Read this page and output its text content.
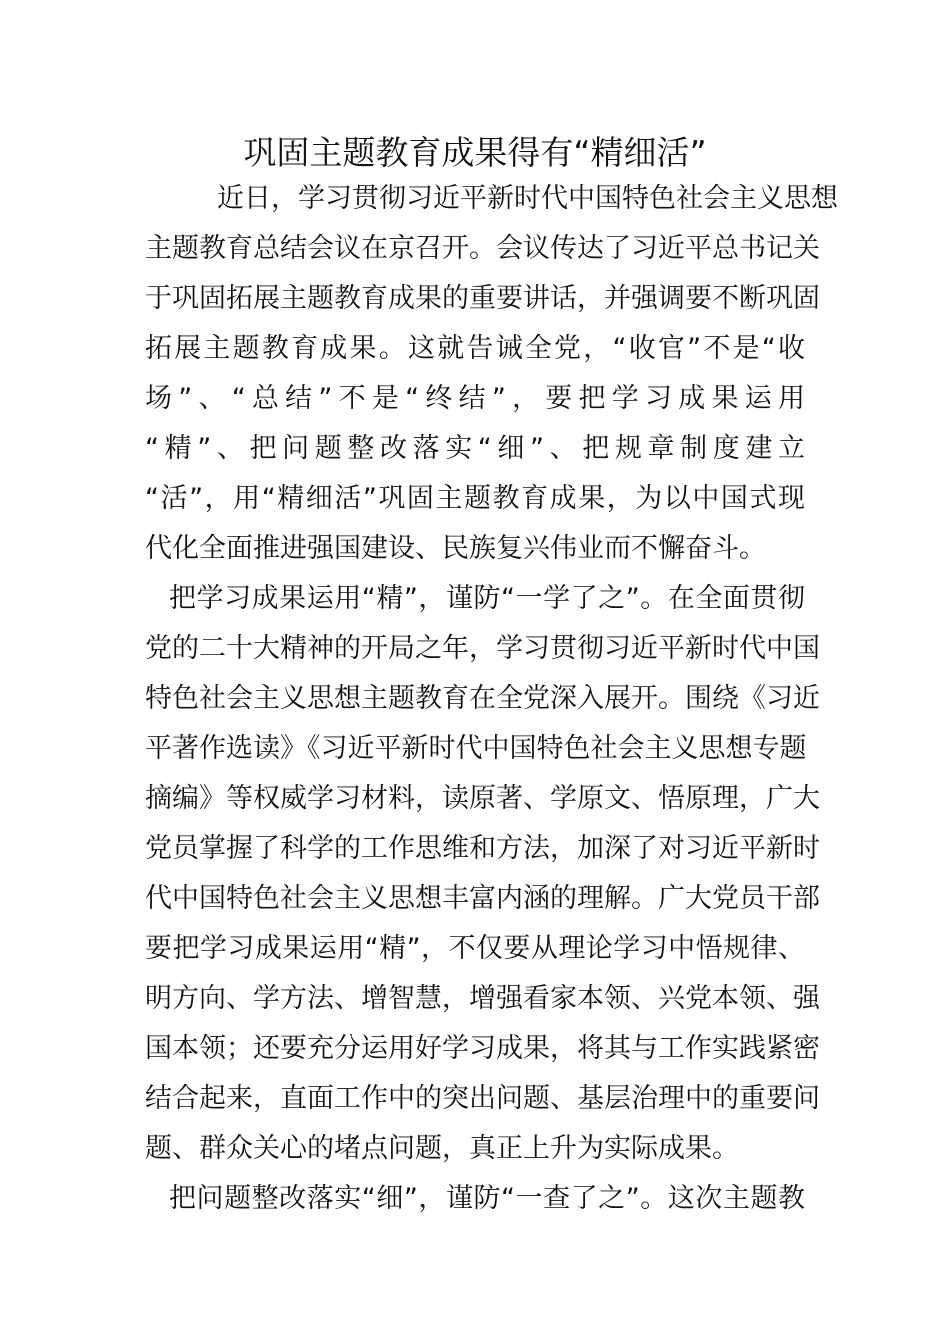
巩固主题教育成果得有“精细活”
近日，学习贯彻习近平新时代中国特色社会主义思想
主题教育总结会议在京召开。会议传达了习近平总书记关
于巩固拓展主题教育成果的重要讲话，并强调要不断巩固
拓展主题教育成果。这就告诫全党，“收官”不是“收
场”、“总结”不是“终结”，要把学习成果运用
“精”、把问题整改落实“细”、把规章制度建立
“活”，用“精细活”巩固主题教育成果，为以中国式现
代化全面推进强国建设、民族复兴伟业而不懈奋斗。
把学习成果运用“精”，谨防“一学了之”。在全面贯彻
党的二十大精神的开局之年，学习贯彻习近平新时代中国
特色社会主义思想主题教育在全党深入展开。围绕《习近
平著作选读》《习近平新时代中国特色社会主义思想专题
摘编》等权威学习材料，读原著、学原文、悟原理，广大
党员掌握了科学的工作思维和方法，加深了对习近平新时
代中国特色社会主义思想丰富内涵的理解。广大党员干部
要把学习成果运用“精”，不仅要从理论学习中悟规律、
明方向、学方法、增智慧，增强看家本领、兴党本领、强
国本领；还要充分运用好学习成果，将其与工作实践紧密
结合起来，直面工作中的突出问题、基层治理中的重要问
题、群众关心的堵点问题，真正上升为实际成果。
把问题整改落实“细”，谨防“一查了之”。这次主题教
